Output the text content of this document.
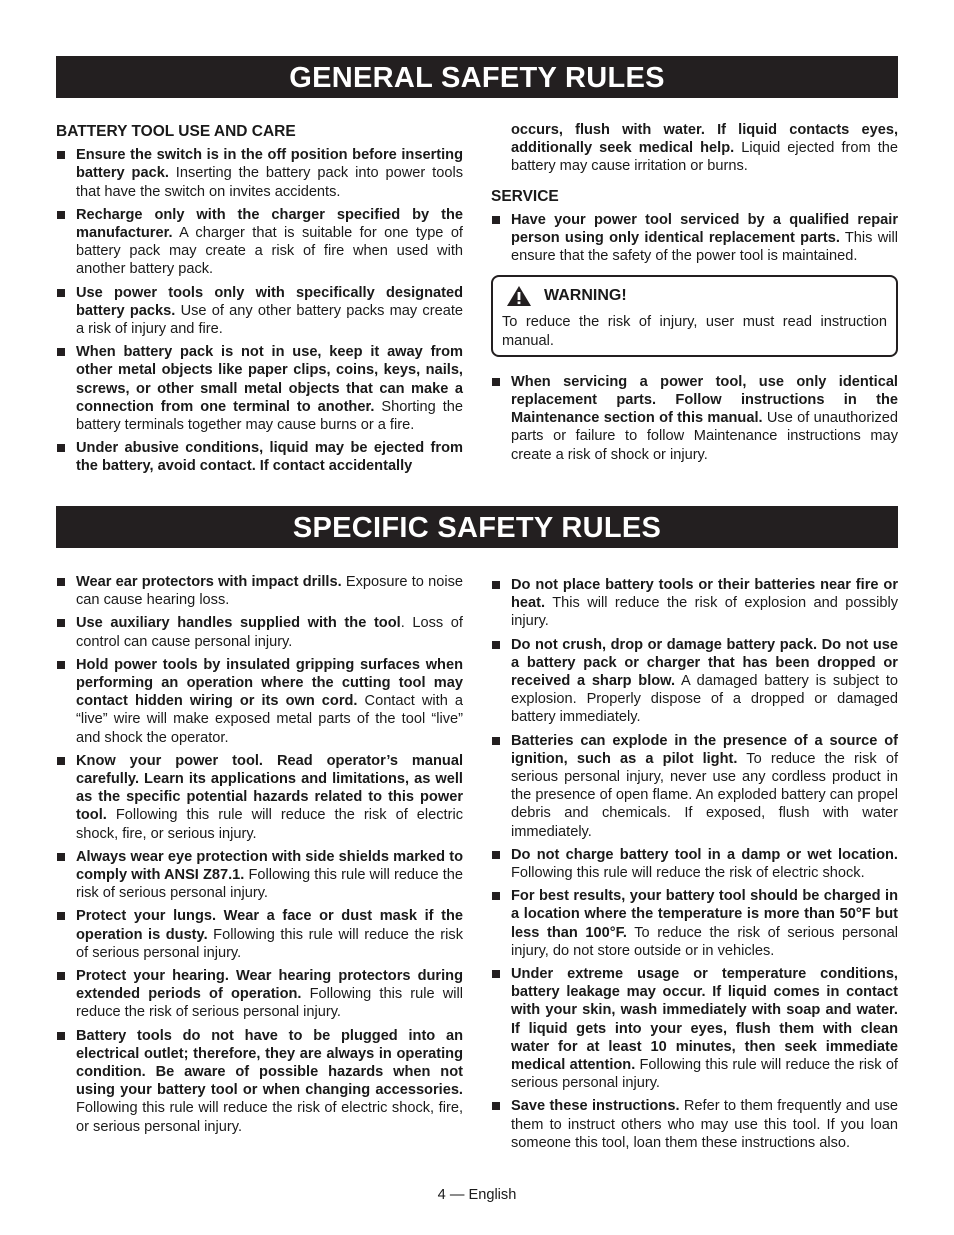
GENERAL SAFETY RULES
BATTERY TOOL USE AND CARE
Ensure the switch is in the off position before inserting battery pack. Inserting the battery pack into power tools that have the switch on invites accidents.
Recharge only with the charger specified by the manufacturer. A charger that is suitable for one type of battery pack may create a risk of fire when used with another battery pack.
Use power tools only with specifically designated battery packs. Use of any other battery packs may create a risk of injury and fire.
When battery pack is not in use, keep it away from other metal objects like paper clips, coins, keys, nails, screws, or other small metal objects that can make a connection from one terminal to another. Shorting the battery terminals together may cause burns or a fire.
Under abusive conditions, liquid may be ejected from the battery, avoid contact. If contact accidentally
occurs, flush with water. If liquid contacts eyes, additionally seek medical help. Liquid ejected from the battery may cause irritation or burns.
SERVICE
Have your power tool serviced by a qualified repair person using only identical replacement parts. This will ensure that the safety of the power tool is maintained.
WARNING!
To reduce the risk of injury, user must read instruction manual.
When servicing a power tool, use only identical replacement parts. Follow instructions in the Maintenance section of this manual. Use of unauthorized parts or failure to follow Maintenance instructions may create a risk of shock or injury.
SPECIFIC SAFETY RULES
Wear ear protectors with impact drills. Exposure to noise can cause hearing loss.
Use auxiliary handles supplied with the tool. Loss of control can cause personal injury.
Hold power tools by insulated gripping surfaces when performing an operation where the cutting tool may contact hidden wiring or its own cord. Contact with a “live” wire will make exposed metal parts of the tool “live” and shock the operator.
Know your power tool. Read operator’s manual carefully. Learn its applications and limitations, as well as the specific potential hazards related to this power tool. Following this rule will reduce the risk of electric shock, fire, or serious injury.
Always wear eye protection with side shields marked to comply with ANSI Z87.1. Following this rule will reduce the risk of serious personal injury.
Protect your lungs. Wear a face or dust mask if the operation is dusty. Following this rule will reduce the risk of serious personal injury.
Protect your hearing. Wear hearing protectors during extended periods of operation. Following this rule will reduce the risk of serious personal injury.
Battery tools do not have to be plugged into an electrical outlet; therefore, they are always in operating condition. Be aware of possible hazards when not using your battery tool or when changing accessories. Following this rule will reduce the risk of electric shock, fire, or serious personal injury.
Do not place battery tools or their batteries near fire or heat. This will reduce the risk of explosion and possibly injury.
Do not crush, drop or damage battery pack. Do not use a battery pack or charger that has been dropped or received a sharp blow. A damaged battery is subject to explosion. Properly dispose of a dropped or damaged battery immediately.
Batteries can explode in the presence of a source of ignition, such as a pilot light. To reduce the risk of serious personal injury, never use any cordless product in the presence of open flame. An exploded battery can propel debris and chemicals. If exposed, flush with water immediately.
Do not charge battery tool in a damp or wet location. Following this rule will reduce the risk of electric shock.
For best results, your battery tool should be charged in a location where the temperature is more than 50°F but less than 100°F. To reduce the risk of serious personal injury, do not store outside or in vehicles.
Under extreme usage or temperature conditions, battery leakage may occur. If liquid comes in contact with your skin, wash immediately with soap and water. If liquid gets into your eyes, flush them with clean water for at least 10 minutes, then seek immediate medical attention. Following this rule will reduce the risk of serious personal injury.
Save these instructions. Refer to them frequently and use them to instruct others who may use this tool. If you loan someone this tool, loan them these instructions also.
4 — English
